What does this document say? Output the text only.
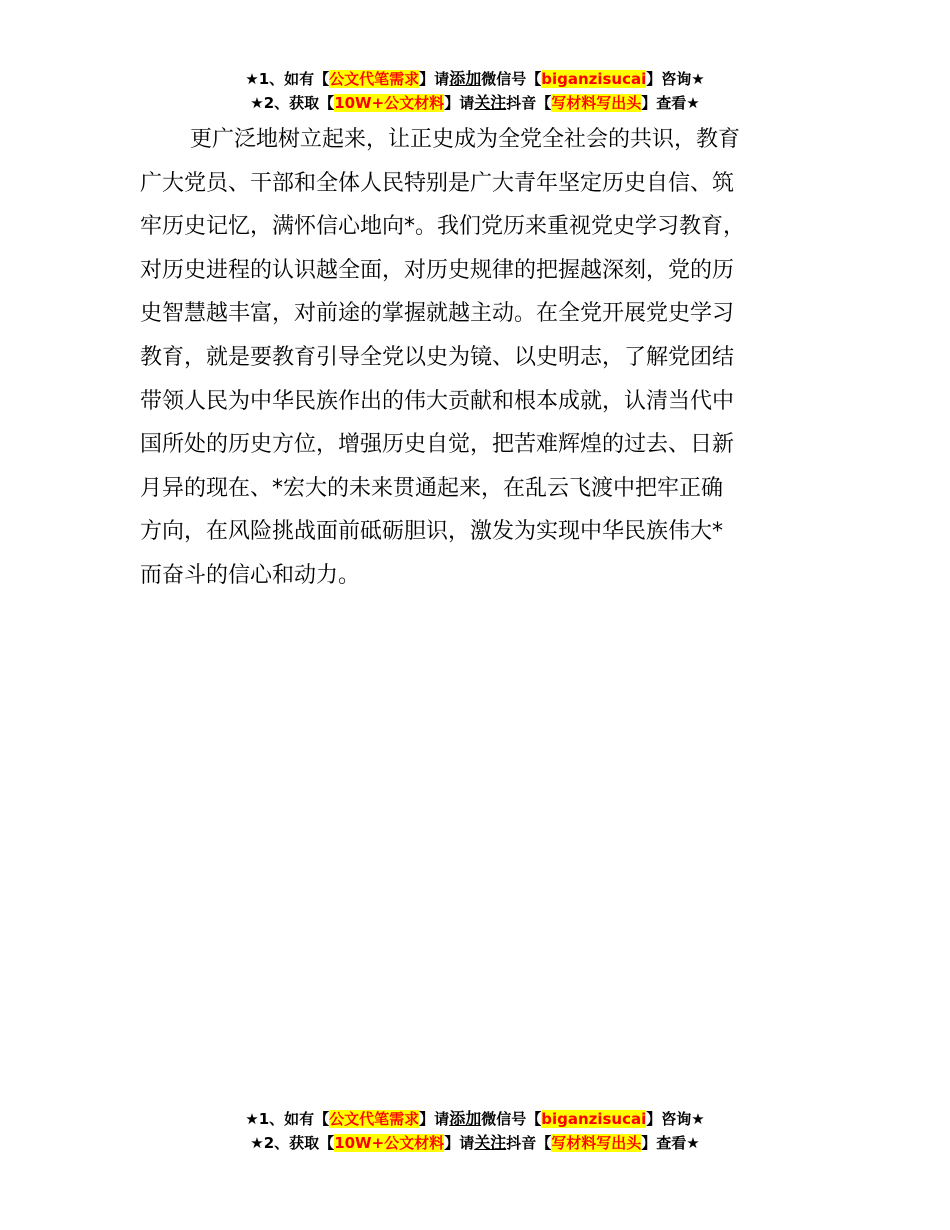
★1、如有【公文代笔需求】请添加微信号【biganzisucai】咨询★
★2、获取【10W+公文材料】请关注抖音【写材料写出头】查看★
更广泛地树立起来，让正史成为全党全社会的共识，教育
广大党员、干部和全体人民特别是广大青年坚定历史自信、筑
牢历史记忆，满怀信心地向*。我们党历来重视党史学习教育，
对历史进程的认识越全面，对历史规律的把握越深刻，党的历
史智慧越丰富，对前途的掌握就越主动。在全党开展党史学习
教育，就是要教育引导全党以史为镜、以史明志，了解党团结
带领人民为中华民族作出的伟大贡献和根本成就，认清当代中
国所处的历史方位，增强历史自觉，把苦难辉煌的过去、日新
月异的现在、*宏大的未来贯通起来，在乱云飞渡中把牢正确
方向，在风险挑战面前砥砺胆识，激发为实现中华民族伟大*
而奋斗的信心和动力。
★1、如有【公文代笔需求】请添加微信号【biganzisucai】咨询★
★2、获取【10W+公文材料】请关注抖音【写材料写出头】查看★
